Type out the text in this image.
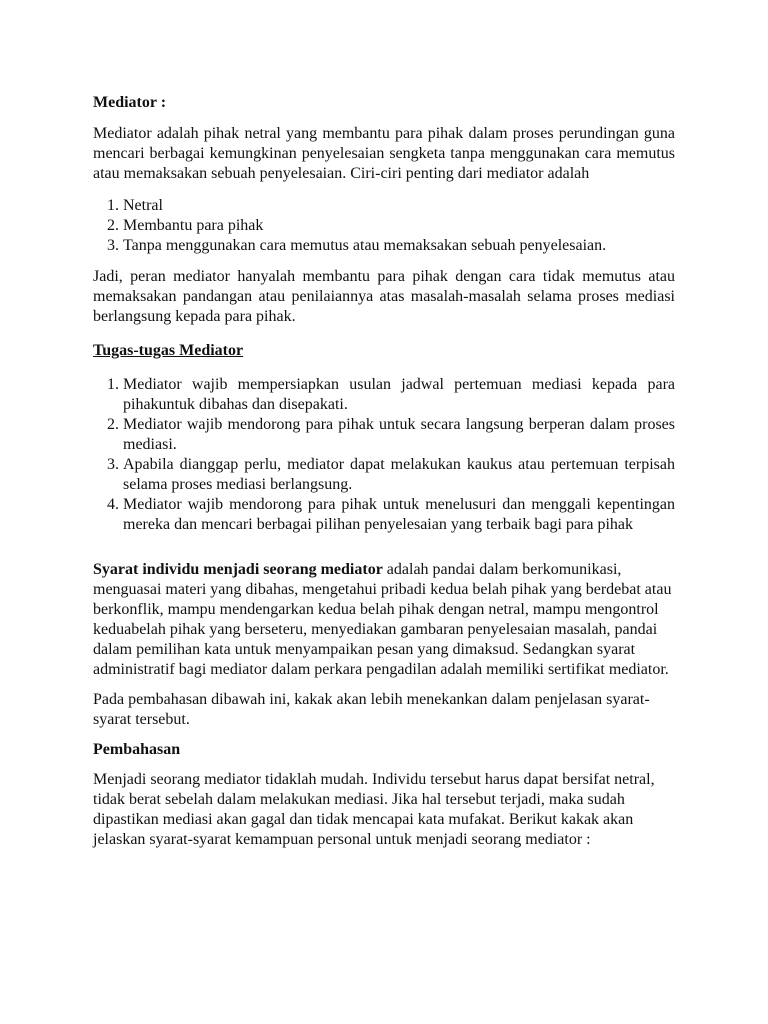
Mediator :

Mediator adalah pihak netral yang membantu para pihak dalam proses perundingan guna mencari berbagai kemungkinan penyelesaian sengketa tanpa menggunakan cara memutus atau memaksakan sebuah penyelesaian. Ciri-ciri penting dari mediator adalah

1. Netral
2. Membantu para pihak
3. Tanpa menggunakan cara memutus atau memaksakan sebuah penyelesaian.

Jadi, peran mediator hanyalah membantu para pihak dengan cara tidak memutus atau memaksakan pandangan atau penilaiannya atas masalah-masalah selama proses mediasi berlangsung kepada para pihak.

Tugas-tugas Mediator

1. Mediator wajib mempersiapkan usulan jadwal pertemuan mediasi kepada para pihakuntuk dibahas dan disepakati.
2. Mediator wajib mendorong para pihak untuk secara langsung berperan dalam proses mediasi.
3. Apabila dianggap perlu, mediator dapat melakukan kaukus atau pertemuan terpisah selama proses mediasi berlangsung.
4. Mediator wajib mendorong para pihak untuk menelusuri dan menggali kepentingan mereka dan mencari berbagai pilihan penyelesaian yang terbaik bagi para pihak

Syarat individu menjadi seorang mediator adalah pandai dalam berkomunikasi, menguasai materi yang dibahas, mengetahui pribadi kedua belah pihak yang berdebat atau berkonflik, mampu mendengarkan kedua belah pihak dengan netral, mampu mengontrol keduabelah pihak yang berseteru, menyediakan gambaran penyelesaian masalah, pandai dalam pemilihan kata untuk menyampaikan pesan yang dimaksud. Sedangkan syarat administratif bagi mediator dalam perkara pengadilan adalah memiliki sertifikat mediator.

Pada pembahasan dibawah ini, kakak akan lebih menekankan dalam penjelasan syarat-syarat tersebut.

Pembahasan

Menjadi seorang mediator tidaklah mudah. Individu tersebut harus dapat bersifat netral, tidak berat sebelah dalam melakukan mediasi. Jika hal tersebut terjadi, maka sudah dipastikan mediasi akan gagal dan tidak mencapai kata mufakat. Berikut kakak akan jelaskan syarat-syarat kemampuan personal untuk menjadi seorang mediator :
